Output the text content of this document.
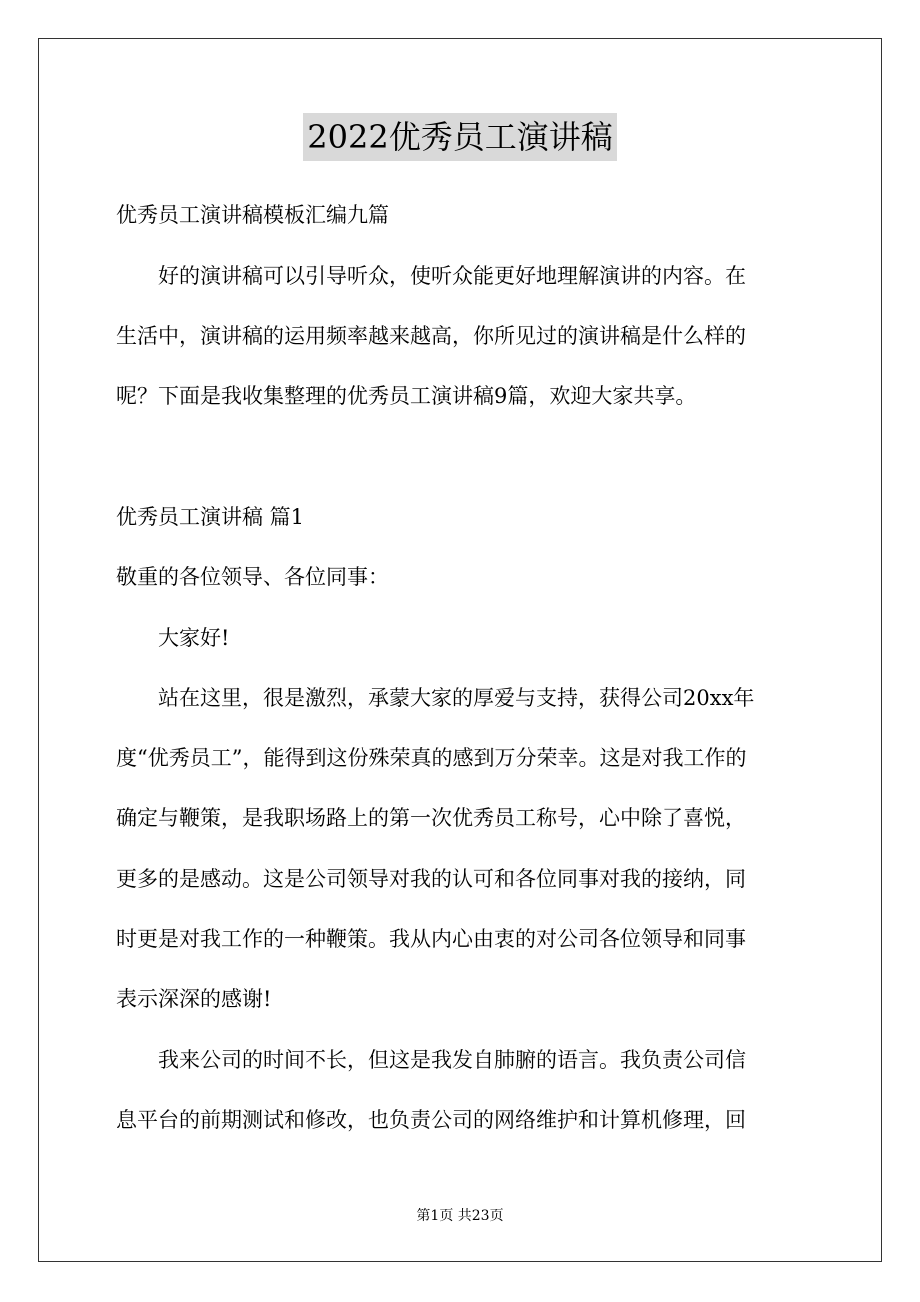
2022优秀员工演讲稿
优秀员工演讲稿模板汇编九篇
好的演讲稿可以引导听众，使听众能更好地理解演讲的内容。在
生活中，演讲稿的运用频率越来越高，你所见过的演讲稿是什么样的
呢？下面是我收集整理的优秀员工演讲稿9篇，欢迎大家共享。
优秀员工演讲稿 篇1
敬重的各位领导、各位同事：
大家好!
站在这里，很是激烈，承蒙大家的厚爱与支持，获得公司20xx年
度“优秀员工”，能得到这份殊荣真的感到万分荣幸。这是对我工作的
确定与鞭策，是我职场路上的第一次优秀员工称号，心中除了喜悦，
更多的是感动。这是公司领导对我的认可和各位同事对我的接纳，同
时更是对我工作的一种鞭策。我从内心由衷的对公司各位领导和同事
表示深深的感谢!
我来公司的时间不长，但这是我发自肺腑的语言。我负责公司信
息平台的前期测试和修改，也负责公司的网络维护和计算机修理，回
第1页 共23页
